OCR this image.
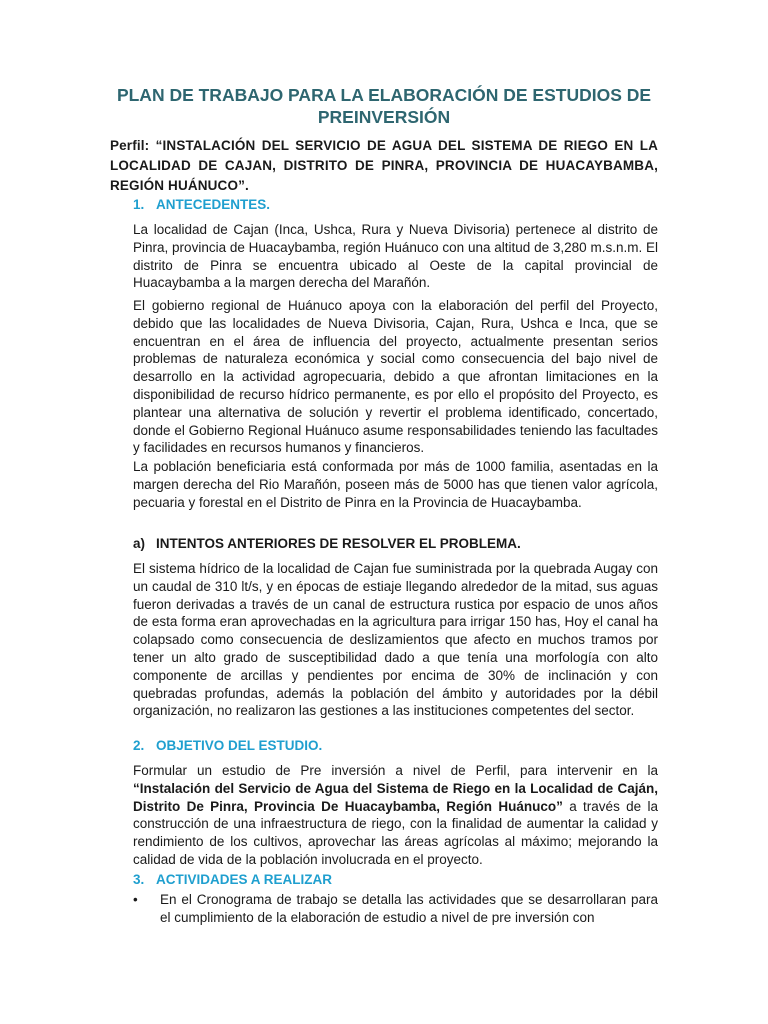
PLAN DE TRABAJO PARA LA ELABORACIÓN DE ESTUDIOS DE PREINVERSIÓN

Perfil: “INSTALACIÓN DEL SERVICIO DE AGUA DEL SISTEMA DE RIEGO EN LA LOCALIDAD DE CAJAN, DISTRITO DE PINRA, PROVINCIA DE HUACAYBAMBA, REGIÓN HUÁNUCO”.

1. ANTECEDENTES.

La localidad de Cajan (Inca, Ushca, Rura y Nueva Divisoria) pertenece al distrito de Pinra, provincia de Huacaybamba, región Huánuco con una altitud de 3,280 m.s.n.m. El distrito de Pinra se encuentra ubicado al Oeste de la capital provincial de Huacaybamba a la margen derecha del Marañón.

El gobierno regional de Huánuco apoya con la elaboración del perfil del Proyecto, debido que las localidades de Nueva Divisoria, Cajan, Rura, Ushca e Inca, que se encuentran en el área de influencia del proyecto, actualmente presentan serios problemas de naturaleza económica y social como consecuencia del bajo nivel de desarrollo en la actividad agropecuaria, debido a que afrontan limitaciones en la disponibilidad de recurso hídrico permanente, es por ello el propósito del Proyecto, es plantear una alternativa de solución y revertir el problema identificado, concertado, donde el Gobierno Regional Huánuco asume responsabilidades teniendo las facultades y facilidades en recursos humanos y financieros.

La población beneficiaria está conformada por más de 1000 familia, asentadas en la margen derecha del Rio Marañón, poseen más de 5000 has que tienen valor agrícola, pecuaria y forestal en el Distrito de Pinra en la Provincia de Huacaybamba.

a) INTENTOS ANTERIORES DE RESOLVER EL PROBLEMA.

El sistema hídrico de la localidad de Cajan fue suministrada por la quebrada Augay con un caudal de 310 lt/s, y en épocas de estiaje llegando alrededor de la mitad, sus aguas fueron derivadas a través de un canal de estructura rustica por espacio de unos años de esta forma eran aprovechadas en la agricultura para irrigar 150 has, Hoy el canal ha colapsado como consecuencia de deslizamientos que afecto en muchos tramos por tener un alto grado de susceptibilidad dado a que tenía una morfología con alto componente de arcillas y pendientes por encima de 30% de inclinación y con quebradas profundas, además la población del ámbito y autoridades por la débil organización, no realizaron las gestiones a las instituciones competentes del sector.

2. OBJETIVO DEL ESTUDIO.

Formular un estudio de Pre inversión a nivel de Perfil, para intervenir en la “Instalación del Servicio de Agua del Sistema de Riego en la Localidad de Caján, Distrito De Pinra, Provincia De Huacaybamba, Región Huánuco” a través de la construcción de una infraestructura de riego, con la finalidad de aumentar la calidad y rendimiento de los cultivos, aprovechar las áreas agrícolas al máximo; mejorando la calidad de vida de la población involucrada en el proyecto.

3. ACTIVIDADES A REALIZAR
•	En el Cronograma de trabajo se detalla las actividades que se desarrollaran para el cumplimiento de la elaboración de estudio a nivel de pre inversión con
